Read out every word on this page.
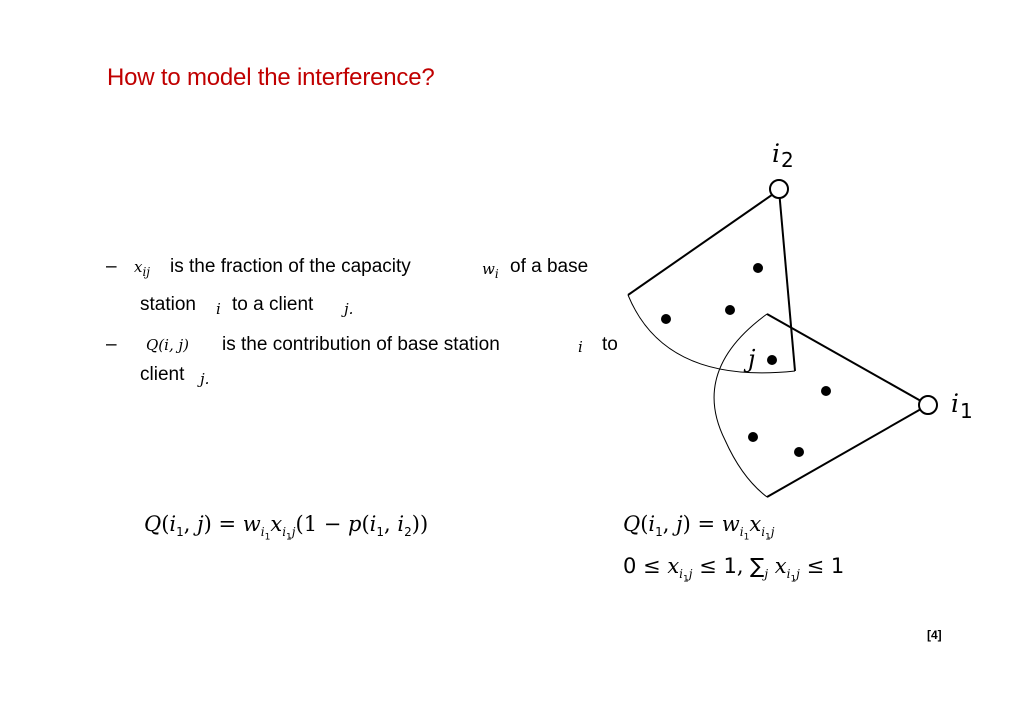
How to model the interference?
– $x_{ij}$ is the fraction of the capacity	$w_i$ of a base
station i to a client j.
– Q(i, j) is the contribution of base station	i to
client j.
$i_2$
$i_1$
j
$Q(i_1$, $j) = w_{i_1}x_{i_1j}(1 - p(i_1$, $i_2$))	$Q(i_1$, $j) = w_{i_1}x_{i_1j}$
$0 \le x_{i_1j} \le 1$, $\sum_j$ $x_{i_1j} \le 1$
[4]
